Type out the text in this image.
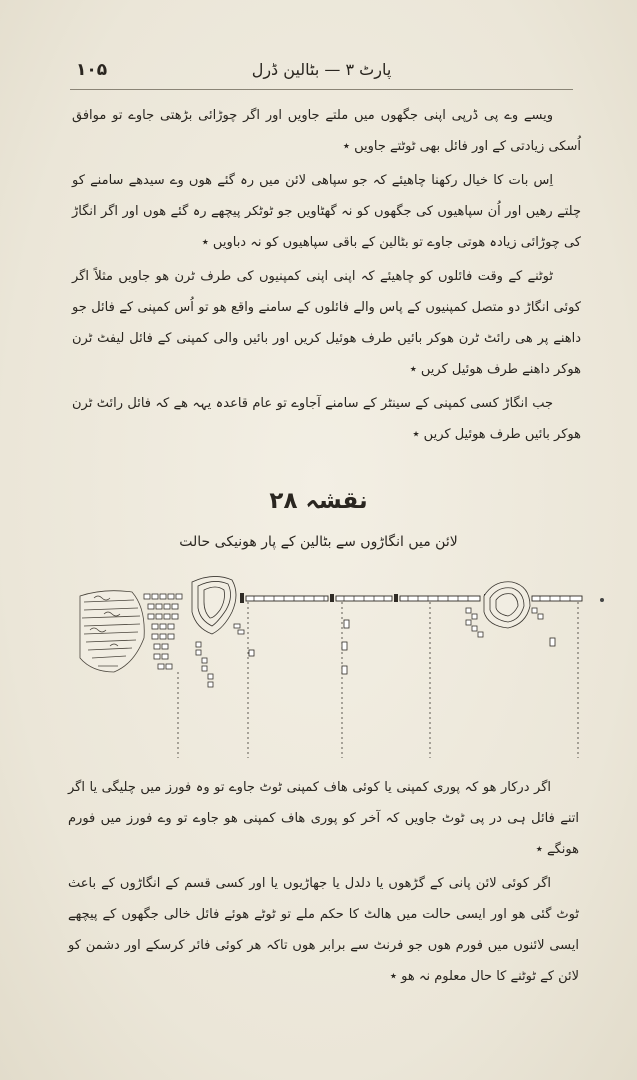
۱۰۵	پارٹ ۳ — بٹالین ڈرل

ویسے وے پی ڈرپی اپنی جگھوں میں ملتے جاویں اور اگر چوڑائی بڑھتی جاوے تو موافق اُسکی زیادتی کے اور فائل بھی ٹوٹتے جاویں ٭

اِس بات کا خیال رکھنا چاھیئے کہ جو سپاھی لائن میں رہ گئے ھوں وے سیدھے سامنے کو چلتے رھیں اور اُن سپاھیوں کی جگھوں کو نہ گھٹاویں جو ٹوٹکر پیچھے رہ گئے ھوں اور اگر انگاڑ کی چوڑائی زیادہ ھوتی جاوے تو بٹالین کے باقی سپاھیوں کو نہ دباویں ٭

ٹوٹنے کے وقت فائلوں کو چاھیئے کہ اپنی اپنی کمپنیوں کی طرف ٹرن ھو جاویں مثلاً اگر کوئی انگاڑ دو متصل کمپنیوں کے پاس والے فائلوں کے سامنے واقع ھو تو اُس کمپنی کے فائل جو داھنے پر ھی رائٹ ٹرن ھوکر بائیں طرف ھوئیل کریں اور بائیں والی کمپنی کے فائل لیفٹ ٹرن ھوکر داھنے طرف ھوئیل کریں ٭

جب انگاڑ کسی کمپنی کے سینٹر کے سامنے آجاوے تو عام قاعدہ یہہ ھے کہ فائل رائٹ ٹرن ھوکر بائیں طرف ھوئیل کریں ٭

نقشہ ۲۸
لائن میں انگاڑوں سے بٹالین کے پار ھونیکی حالت

اگر درکار ھو کہ پوری کمپنی یا کوئی ھاف کمپنی ٹوٹ جاوے تو وہ فورز میں چلیگی یا اگر اتنے فائل ہی در پی ٹوٹ جاویں کہ آخر کو پوری ھاف کمپنی ھو جاوے تو وے فورز میں فورم ھونگے ٭

اگر کوئی لائن پانی کے گڑھوں یا دلدل یا جھاڑیوں یا اور کسی قسم کے انگاڑوں کے باعث ٹوٹ گئی ھو اور ایسی حالت میں ھالٹ کا حکم ملے تو ٹوٹے ھوئے فائل خالی جگھوں کے پیچھے ایسی لائنوں میں فورم ھوں جو فرنٹ سے برابر ھوں تاکہ ھر کوئی فائر کرسکے اور دشمن کو لائن کے ٹوٹنے کا حال معلوم نہ ھو ٭
